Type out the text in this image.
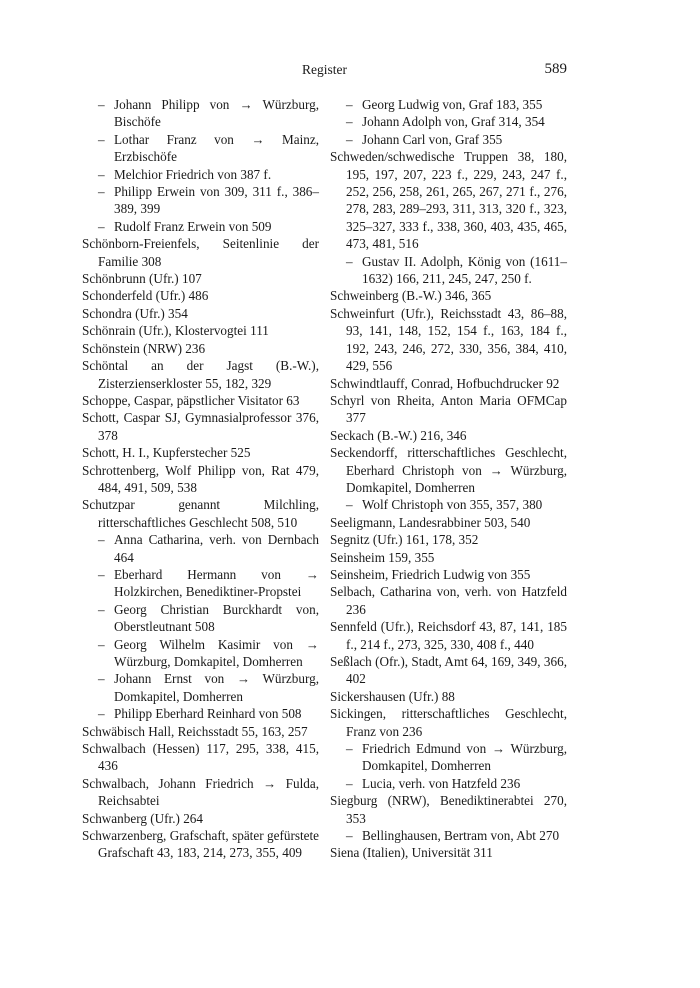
Register	589
– Johann Philipp von → Würzburg, Bischöfe
– Lothar Franz von → Mainz, Erzbischöfe
– Melchior Friedrich von 387 f.
– Philipp Erwein von 309, 311 f., 386–389, 399
– Rudolf Franz Erwein von 509
Schönborn-Freienfels, Seitenlinie der Familie 308
Schönbrunn (Ufr.) 107
Schonderfeld (Ufr.) 486
Schondra (Ufr.) 354
Schönrain (Ufr.), Klostervogtei 111
Schönstein (NRW) 236
Schöntal an der Jagst (B.-W.), Zisterzienserkloster 55, 182, 329
Schoppe, Caspar, päpstlicher Visitator 63
Schott, Caspar SJ, Gymnasialprofessor 376, 378
Schott, H. I., Kupferstecher 525
Schrottenberg, Wolf Philipp von, Rat 479, 484, 491, 509, 538
Schutzpar genannt Milchling, ritterschaftliches Geschlecht 508, 510
– Anna Catharina, verh. von Dernbach 464
– Eberhard Hermann von → Holzkirchen, Benediktiner-Propstei
– Georg Christian Burckhardt von, Oberstleutnant 508
– Georg Wilhelm Kasimir von → Würzburg, Domkapitel, Domherren
– Johann Ernst von → Würzburg, Domkapitel, Domherren
– Philipp Eberhard Reinhard von 508
Schwäbisch Hall, Reichsstadt 55, 163, 257
Schwalbach (Hessen) 117, 295, 338, 415, 436
Schwalbach, Johann Friedrich → Fulda, Reichsabtei
Schwanberg (Ufr.) 264
Schwarzenberg, Grafschaft, später gefürstete Grafschaft 43, 183, 214, 273, 355, 409
– Georg Ludwig von, Graf 183, 355
– Johann Adolph von, Graf 314, 354
– Johann Carl von, Graf 355
Schweden/schwedische Truppen 38, 180, 195, 197, 207, 223 f., 229, 243, 247 f., 252, 256, 258, 261, 265, 267, 271 f., 276, 278, 283, 289–293, 311, 313, 320 f., 323, 325–327, 333 f., 338, 360, 403, 435, 465, 473, 481, 516
– Gustav II. Adolph, König von (1611–1632) 166, 211, 245, 247, 250 f.
Schweinberg (B.-W.) 346, 365
Schweinfurt (Ufr.), Reichsstadt 43, 86–88, 93, 141, 148, 152, 154 f., 163, 184 f., 192, 243, 246, 272, 330, 356, 384, 410, 429, 556
Schwindtlauff, Conrad, Hofbuchdrucker 92
Schyrl von Rheita, Anton Maria OFMCap 377
Seckach (B.-W.) 216, 346
Seckendorff, ritterschaftliches Geschlecht, Eberhard Christoph von → Würzburg, Domkapitel, Domherren
– Wolf Christoph von 355, 357, 380
Seeligmann, Landesrabbiner 503, 540
Segnitz (Ufr.) 161, 178, 352
Seinsheim 159, 355
Seinsheim, Friedrich Ludwig von 355
Selbach, Catharina von, verh. von Hatzfeld 236
Sennfeld (Ufr.), Reichsdorf 43, 87, 141, 185 f., 214 f., 273, 325, 330, 408 f., 440
Seßlach (Ofr.), Stadt, Amt 64, 169, 349, 366, 402
Sickershausen (Ufr.) 88
Sickingen, ritterschaftliches Geschlecht, Franz von 236
– Friedrich Edmund von → Würzburg, Domkapitel, Domherren
– Lucia, verh. von Hatzfeld 236
Siegburg (NRW), Benediktinerabtei 270, 353
– Bellinghausen, Bertram von, Abt 270
Siena (Italien), Universität 311
